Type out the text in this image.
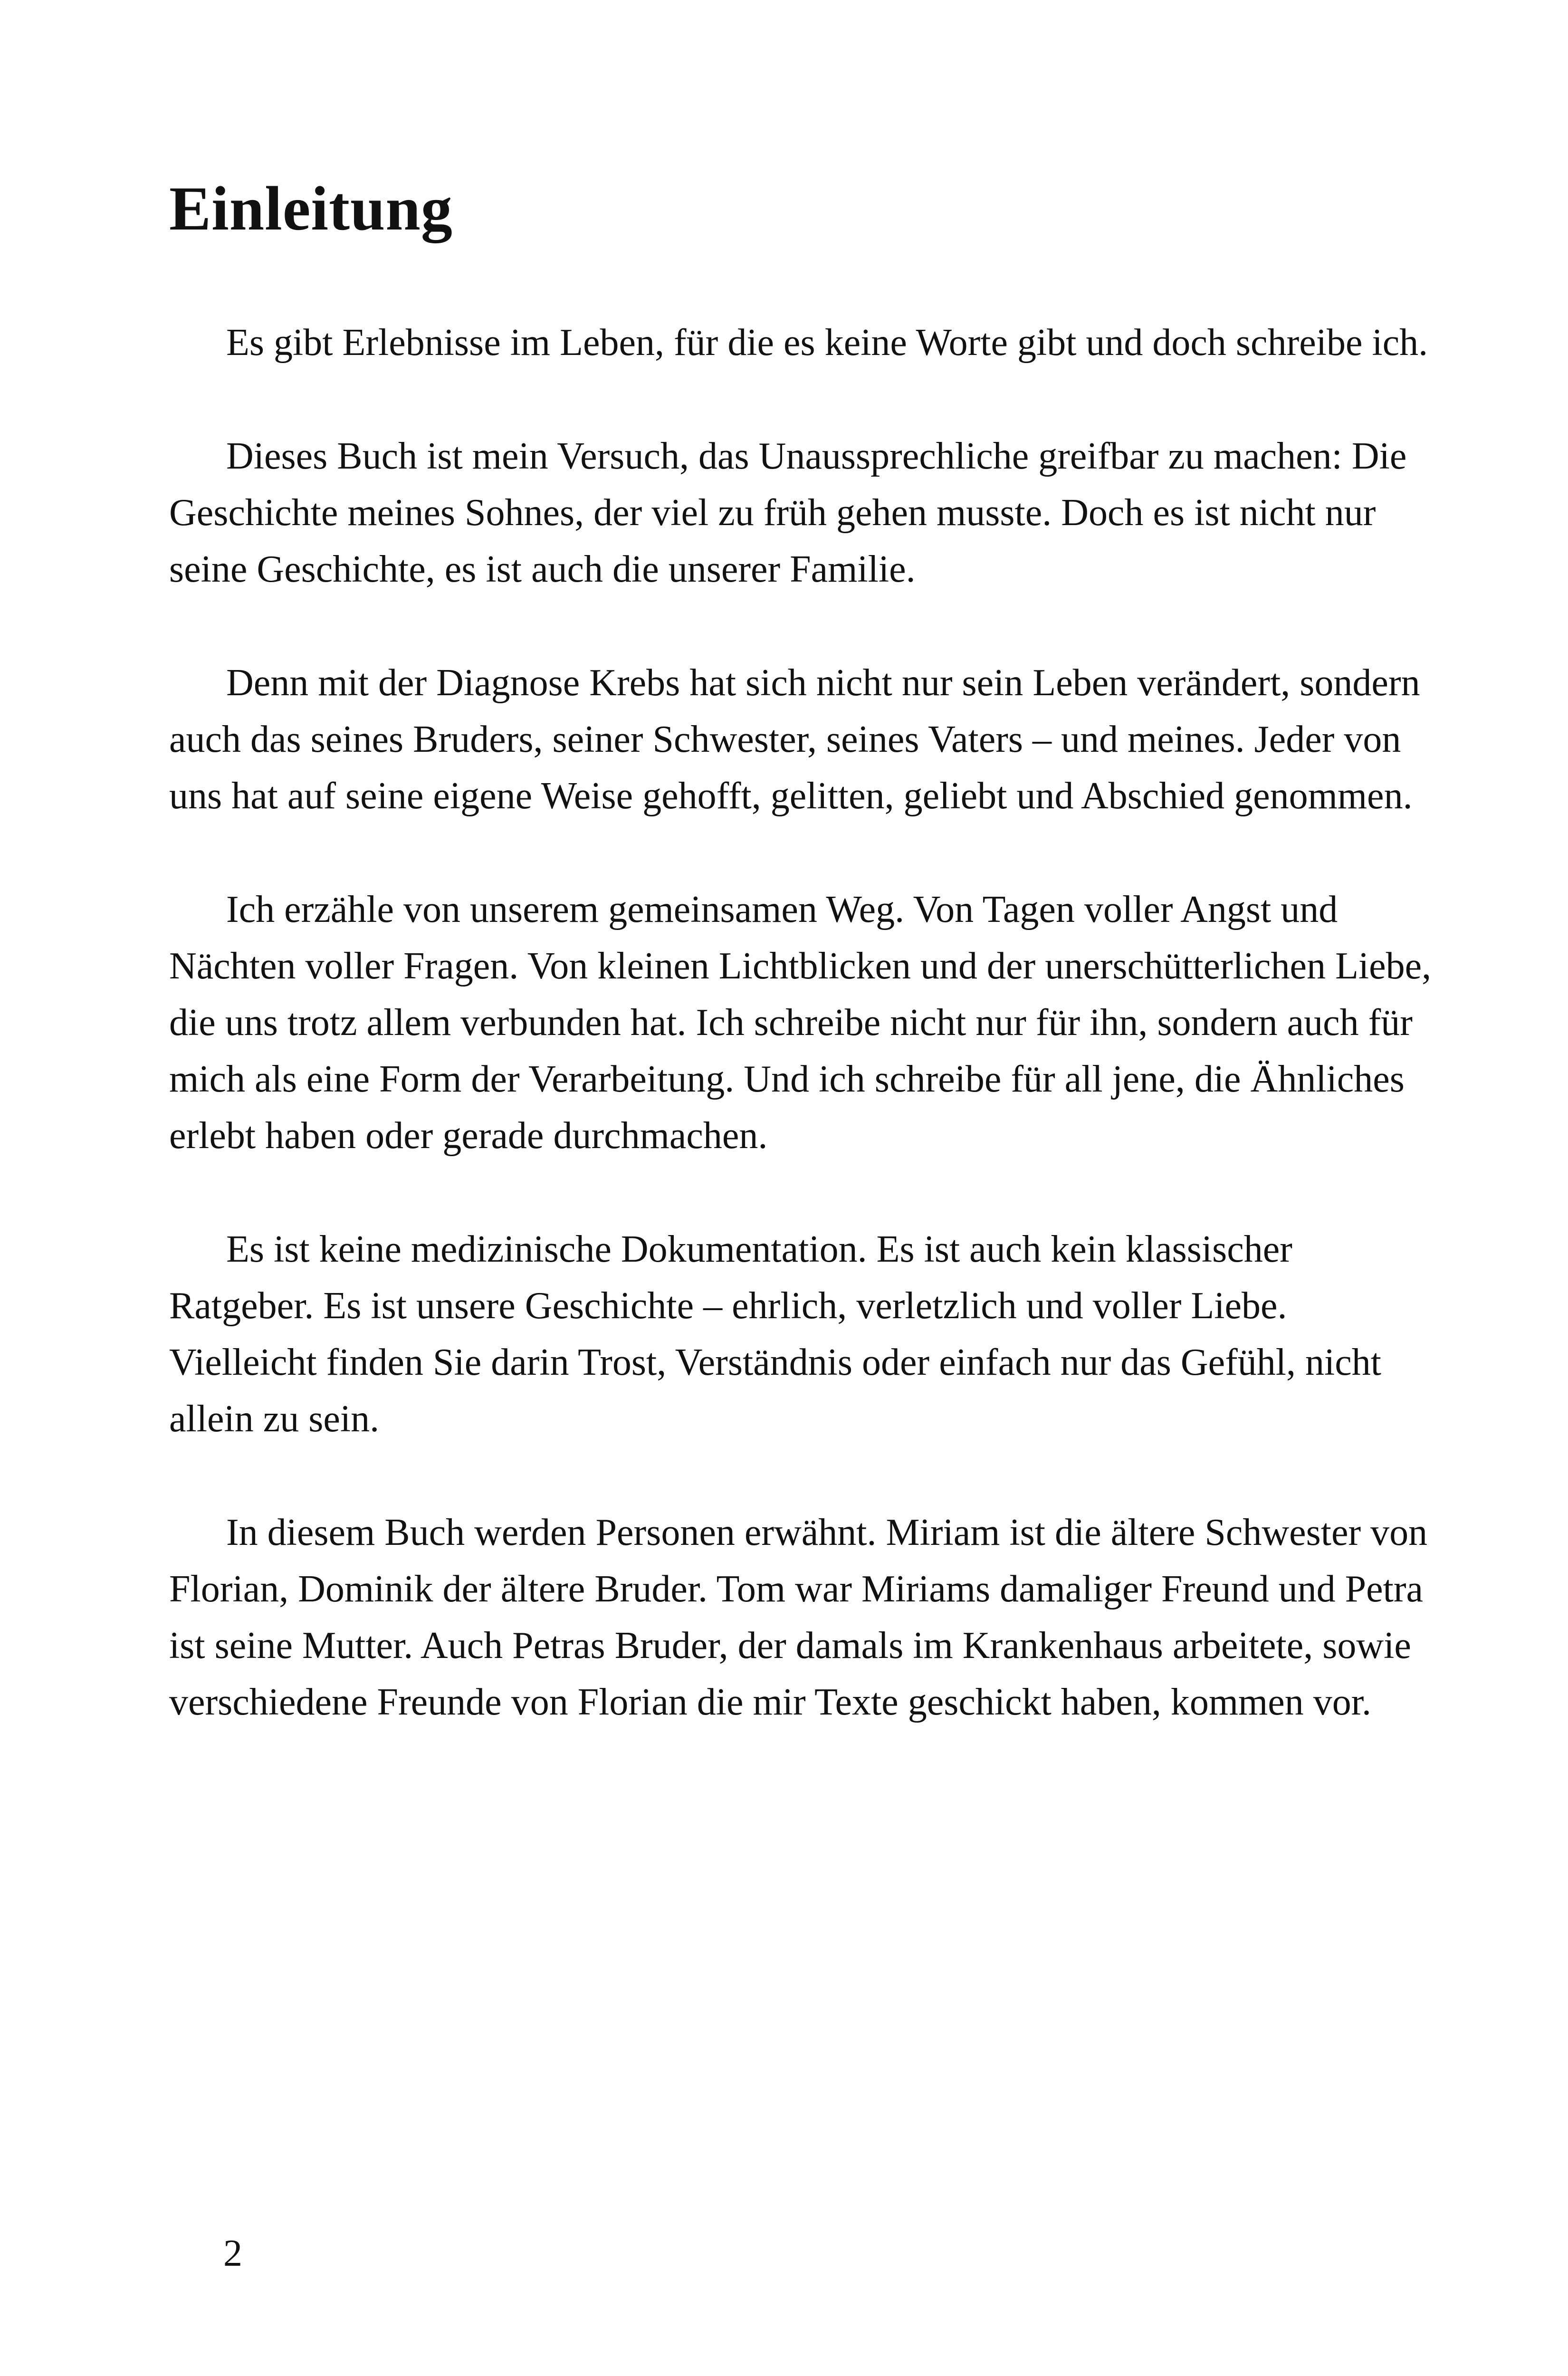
Einleitung

Es gibt Erlebnisse im Leben, für die es keine Worte gibt und doch schreibe ich.

Dieses Buch ist mein Versuch, das Unaussprechliche greifbar zu machen: Die Geschichte meines Sohnes, der viel zu früh gehen musste. Doch es ist nicht nur seine Geschichte, es ist auch die unserer Familie.

Denn mit der Diagnose Krebs hat sich nicht nur sein Leben verändert, sondern auch das seines Bruders, seiner Schwester, seines Vaters – und meines. Jeder von uns hat auf seine eigene Weise gehofft, gelitten, geliebt und Abschied genommen.

Ich erzähle von unserem gemeinsamen Weg. Von Tagen voller Angst und Nächten voller Fragen. Von kleinen Lichtblicken und der unerschütterlichen Liebe, die uns trotz allem verbunden hat. Ich schreibe nicht nur für ihn, sondern auch für mich als eine Form der Verarbeitung. Und ich schreibe für all jene, die Ähnliches erlebt haben oder gerade durchmachen.

Es ist keine medizinische Dokumentation. Es ist auch kein klassischer Ratgeber. Es ist unsere Geschichte – ehrlich, verletzlich und voller Liebe. Vielleicht finden Sie darin Trost, Verständnis oder einfach nur das Gefühl, nicht allein zu sein.

In diesem Buch werden Personen erwähnt. Miriam ist die ältere Schwester von Florian, Dominik der ältere Bruder. Tom war Miriams damaliger Freund und Petra ist seine Mutter. Auch Petras Bruder, der damals im Krankenhaus arbeitete, sowie verschiedene Freunde von Florian die mir Texte geschickt haben, kommen vor.

2
